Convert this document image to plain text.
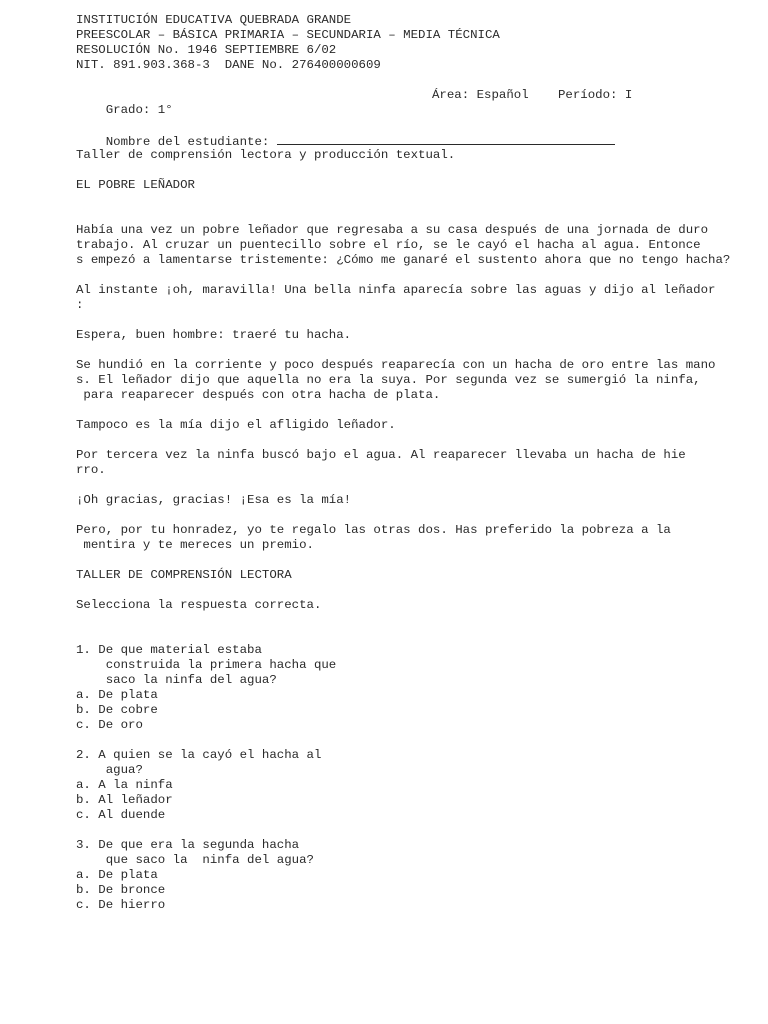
INSTITUCIÓN EDUCATIVA QUEBRADA GRANDE
PREESCOLAR – BÁSICA PRIMARIA – SECUNDARIA – MEDIA TÉCNICA
RESOLUCIÓN No. 1946 SEPTIEMBRE 6/02
NIT. 891.903.368-3  DANE No. 276400000609

Grado: 1°

Área: Español

Período: I

Nombre del estudiante:

Taller de comprensión lectora y producción textual.
EL POBRE LEÑADOR
Había una vez un pobre leñador que regresaba a su casa después de una jornada de duro
trabajo. Al cruzar un puentecillo sobre el río, se le cayó el hacha al agua. Entonce
s empezó a lamentarse tristemente: ¿Cómo me ganaré el sustento ahora que no tengo hacha?
Al instante ¡oh, maravilla! Una bella ninfa aparecía sobre las aguas y dijo al leñador
:
Espera, buen hombre: traeré tu hacha.
Se hundió en la corriente y poco después reaparecía con un hacha de oro entre las mano
s. El leñador dijo que aquella no era la suya. Por segunda vez se sumergió la ninfa,
para reaparecer después con otra hacha de plata.
Tampoco es la mía dijo el afligido leñador.
Por tercera vez la ninfa buscó bajo el agua. Al reaparecer llevaba un hacha de hie
rro.
¡Oh gracias, gracias! ¡Esa es la mía!
Pero, por tu honradez, yo te regalo las otras dos. Has preferido la pobreza a la
mentira y te mereces un premio.
TALLER DE COMPRENSIÓN LECTORA
Selecciona la respuesta correcta.
1. De que material estaba
construida la primera hacha que
saco la ninfa del agua?
a. De plata
b. De cobre
c. De oro
2. A quien se la cayó el hacha al
agua?
a. A la ninfa
b. Al leñador
c. Al duende
3. De que era la segunda hacha
que saco la  ninfa del agua?
a. De plata
b. De bronce
c. De hierro
